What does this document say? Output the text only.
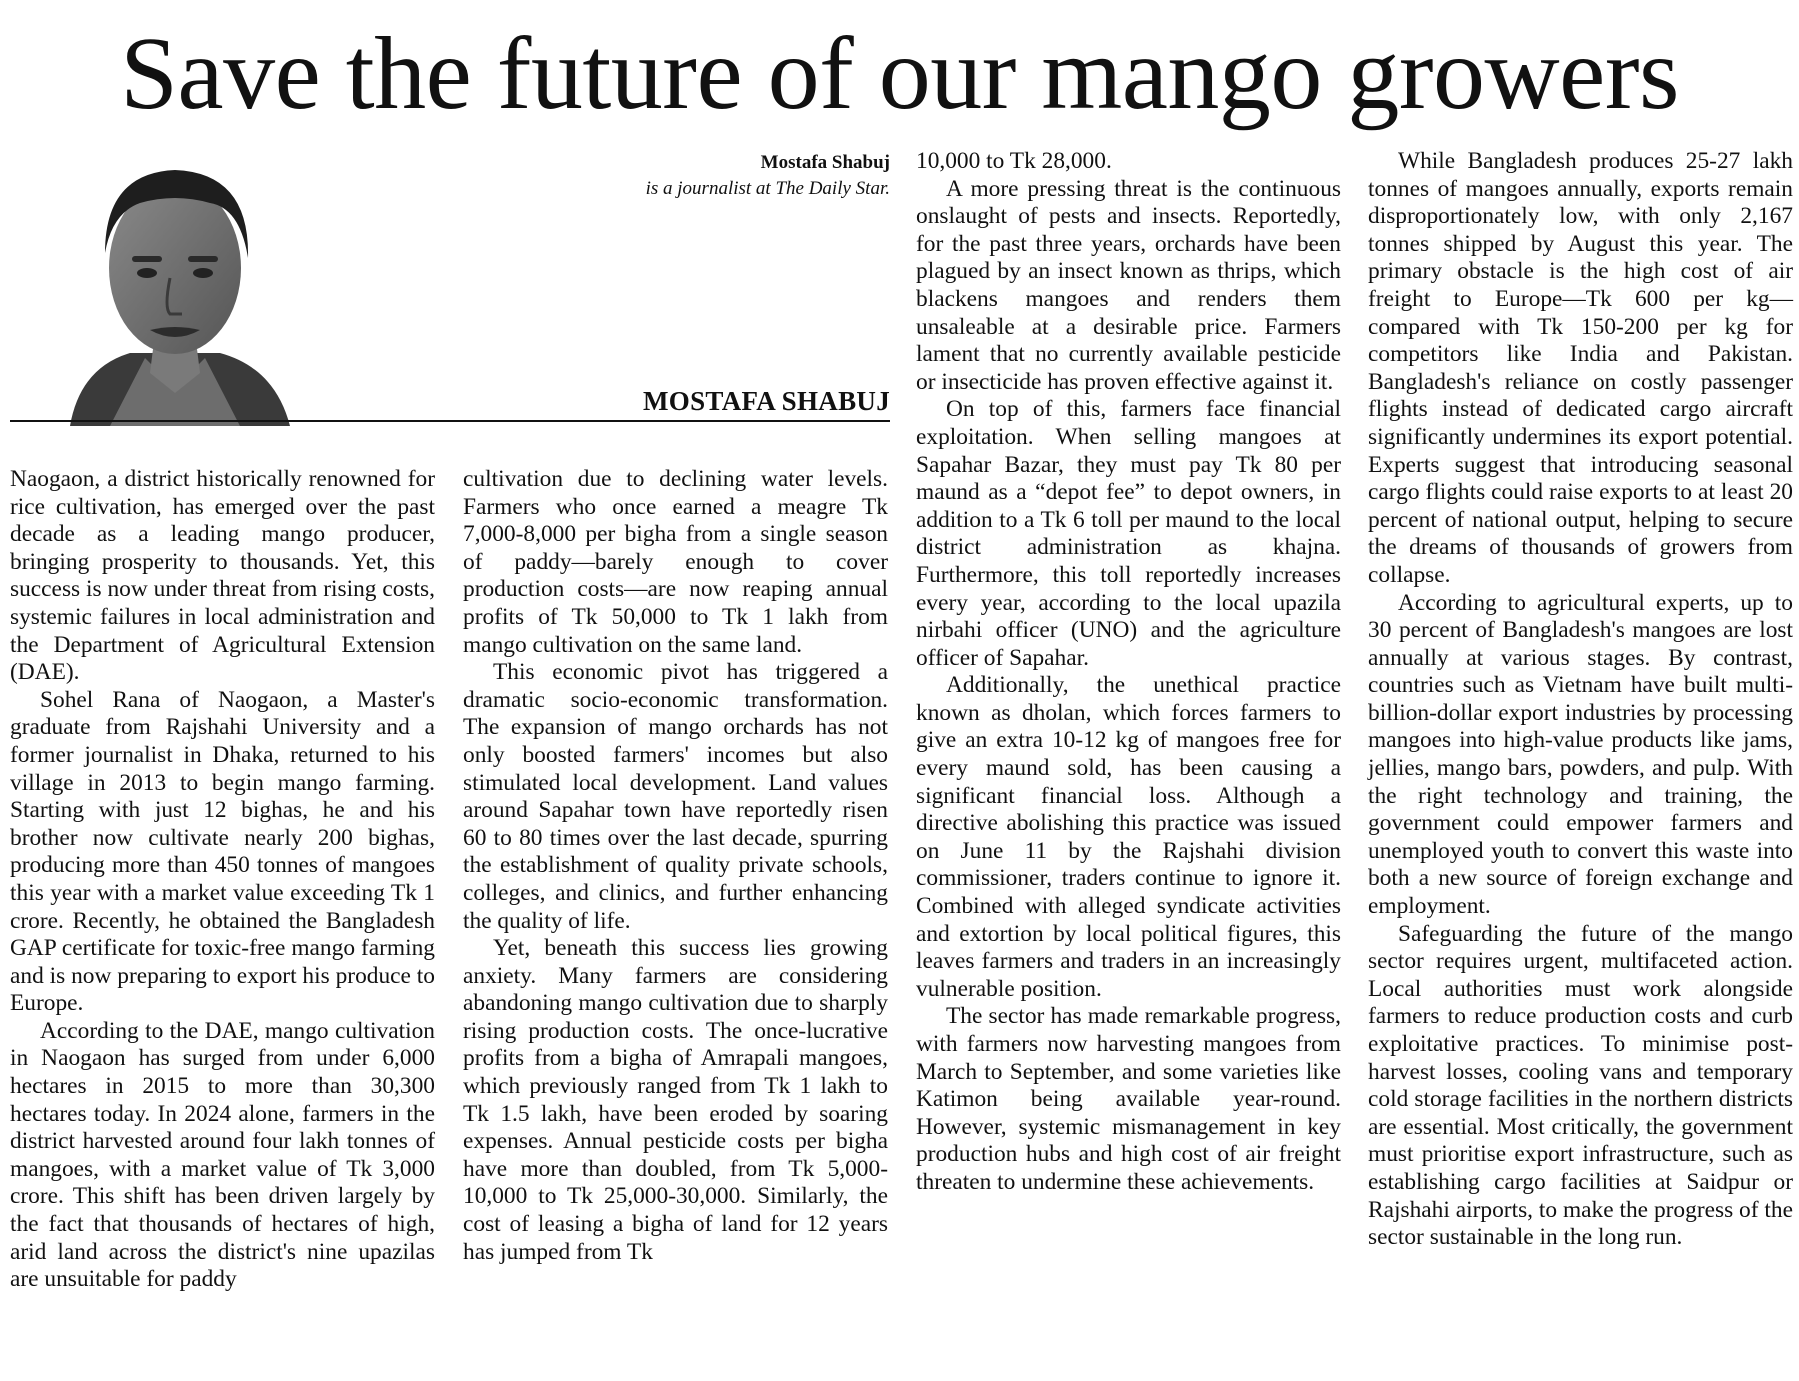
Save the future of our mango growers
Mostafa Shabuj
is a journalist at The Daily Star.
MOSTAFA SHABUJ

Naogaon, a district historically renowned for rice cultivation, has emerged over the past decade as a leading mango producer, bringing prosperity to thousands. Yet, this success is now under threat from rising costs, systemic failures in local administration and the Department of Agricultural Extension (DAE).

Sohel Rana of Naogaon, a Master's graduate from Rajshahi University and a former journalist in Dhaka, returned to his village in 2013 to begin mango farming. Starting with just 12 bighas, he and his brother now cultivate nearly 200 bighas, producing more than 450 tonnes of mangoes this year with a market value exceeding Tk 1 crore. Recently, he obtained the Bangladesh GAP certificate for toxic-free mango farming and is now preparing to export his produce to Europe.

According to the DAE, mango cultivation in Naogaon has surged from under 6,000 hectares in 2015 to more than 30,300 hectares today. In 2024 alone, farmers in the district harvested around four lakh tonnes of mangoes, with a market value of Tk 3,000 crore. This shift has been driven largely by the fact that thousands of hectares of high, arid land across the district's nine upazilas are unsuitable for paddy

cultivation due to declining water levels. Farmers who once earned a meagre Tk 7,000-8,000 per bigha from a single season of paddy—barely enough to cover production costs—are now reaping annual profits of Tk 50,000 to Tk 1 lakh from mango cultivation on the same land.

This economic pivot has triggered a dramatic socio-economic transformation. The expansion of mango orchards has not only boosted farmers' incomes but also stimulated local development. Land values around Sapahar town have reportedly risen 60 to 80 times over the last decade, spurring the establishment of quality private schools, colleges, and clinics, and further enhancing the quality of life.

Yet, beneath this success lies growing anxiety. Many farmers are considering abandoning mango cultivation due to sharply rising production costs. The once-lucrative profits from a bigha of Amrapali mangoes, which previously ranged from Tk 1 lakh to Tk 1.5 lakh, have been eroded by soaring expenses. Annual pesticide costs per bigha have more than doubled, from Tk 5,000-10,000 to Tk 25,000-30,000. Similarly, the cost of leasing a bigha of land for 12 years has jumped from Tk

10,000 to Tk 28,000.

A more pressing threat is the continuous onslaught of pests and insects. Reportedly, for the past three years, orchards have been plagued by an insect known as thrips, which blackens mangoes and renders them unsaleable at a desirable price. Farmers lament that no currently available pesticide or insecticide has proven effective against it.

On top of this, farmers face financial exploitation. When selling mangoes at Sapahar Bazar, they must pay Tk 80 per maund as a “depot fee” to depot owners, in addition to a Tk 6 toll per maund to the local district administration as khajna. Furthermore, this toll reportedly increases every year, according to the local upazila nirbahi officer (UNO) and the agriculture officer of Sapahar.

Additionally, the unethical practice known as dholan, which forces farmers to give an extra 10-12 kg of mangoes free for every maund sold, has been causing a significant financial loss. Although a directive abolishing this practice was issued on June 11 by the Rajshahi division commissioner, traders continue to ignore it. Combined with alleged syndicate activities and extortion by local political figures, this leaves farmers and traders in an increasingly vulnerable position.

The sector has made remarkable progress, with farmers now harvesting mangoes from March to September, and some varieties like Katimon being available year-round. However, systemic mismanagement in key production hubs and high cost of air freight threaten to undermine these achievements.

While Bangladesh produces 25-27 lakh tonnes of mangoes annually, exports remain disproportionately low, with only 2,167 tonnes shipped by August this year. The primary obstacle is the high cost of air freight to Europe—Tk 600 per kg—compared with Tk 150-200 per kg for competitors like India and Pakistan. Bangladesh's reliance on costly passenger flights instead of dedicated cargo aircraft significantly undermines its export potential. Experts suggest that introducing seasonal cargo flights could raise exports to at least 20 percent of national output, helping to secure the dreams of thousands of growers from collapse.

According to agricultural experts, up to 30 percent of Bangladesh's mangoes are lost annually at various stages. By contrast, countries such as Vietnam have built multi-billion-dollar export industries by processing mangoes into high-value products like jams, jellies, mango bars, powders, and pulp. With the right technology and training, the government could empower farmers and unemployed youth to convert this waste into both a new source of foreign exchange and employment.

Safeguarding the future of the mango sector requires urgent, multifaceted action. Local authorities must work alongside farmers to reduce production costs and curb exploitative practices. To minimise post-harvest losses, cooling vans and temporary cold storage facilities in the northern districts are essential. Most critically, the government must prioritise export infrastructure, such as establishing cargo facilities at Saidpur or Rajshahi airports, to make the progress of the sector sustainable in the long run.
